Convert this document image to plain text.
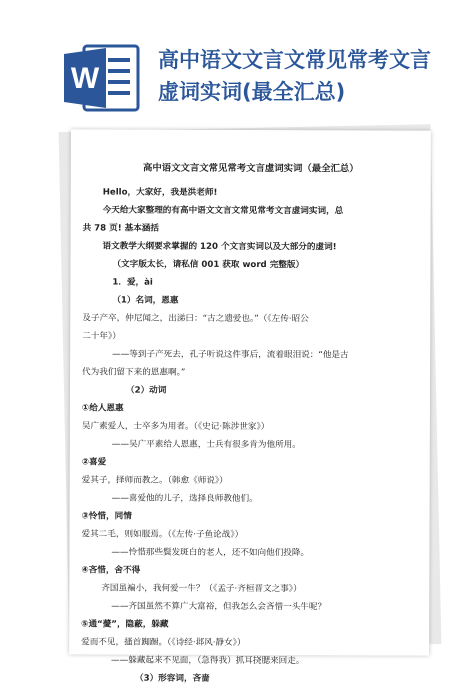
W
高中语文文言文常见常考文言
虚词实词(最全汇总)
高中语文文言文常见常考文言虚词实词（最全汇总）
Hello，大家好，我是洪老师!
今天给大家整理的有高中语文文言文常见常考文言虚词实词，总
共 78 页! 基本涵括
语文教学大纲要求掌握的 120 个文言实词以及大部分的虚词!
（文字版太长，请私信 001 获取 word 完整版）
1．爱，ài
（1）名词，恩惠
及子产卒，仲尼闻之，出涕曰：“古之遗爱也。”（《左传·昭公
二十年》）
——等到子产死去，孔子听说这件事后，流着眼泪说：“他是古
代为我们留下来的恩惠啊。”
（2）动词
①给人恩惠
吴广素爱人，士卒多为用者。（《史记·陈涉世家》）
——吴广平素给人恩惠，士兵有很多肯为他所用。
②喜爱
爱其子，择师而教之。（韩愈《师说》）
——喜爱他的儿子，选择良师教他们。
③怜惜，同情
爱其二毛，则如服焉。（《左传·子鱼论战》）
——怜惜那些鬓发斑白的老人，还不如向他们投降。
④吝惜，舍不得
齐国虽褊小，我何爱一牛？（《孟子·齐桓晋文之事》）
——齐国虽然不算广大富裕，但我怎么会吝惜一头牛呢？
⑤通“薆”，隐蔽，躲藏
爱而不见，搔首踟蹰。（《诗经·邶风·静女》）
——躲藏起来不见面，（急得我）抓耳挠腮来回走。
（3）形容词，吝啬
